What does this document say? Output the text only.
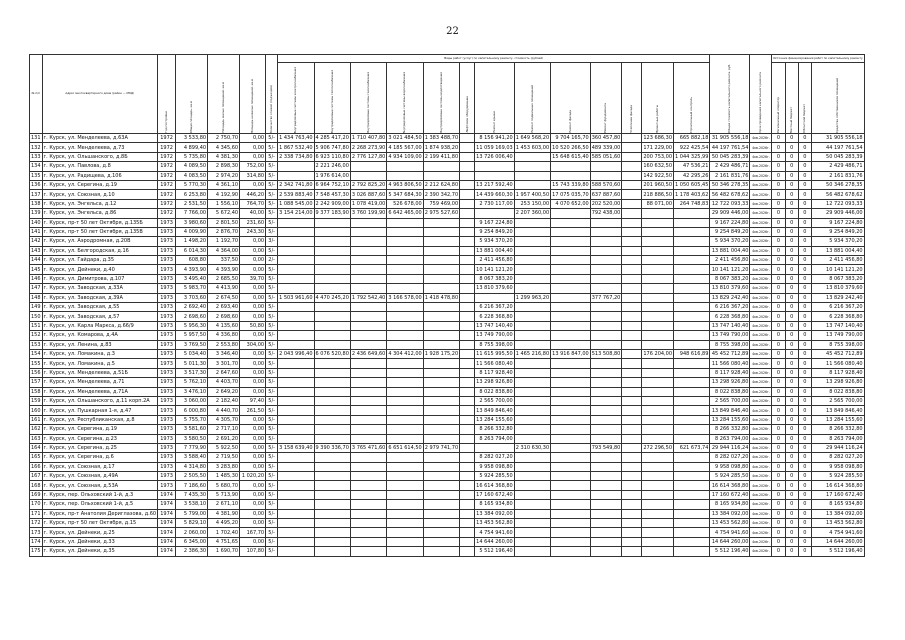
22
№ п/п	Адрес многоквартирного дома (район — МКД)	Год постройки	Общая площадь, кв.м	Площадь жилых помещений, кв.м	Площадь нежилых помещений, кв.м	Количество этажей (подъездов)	Виды работ (услуг) по капитальному ремонту, стоимость (рублей)													Общая стоимость капитального ремонта, руб.	Срок проведения капитального ремонта	Источник финансирования работ по капитальному ремонту			

							Внутридомовые системы электроснабжения	Внутридомовые системы теплоснабжения	Внутридомовые системы газоснабжения	Внутридомовые системы водоснабжения	Внутридомовые системы водоотведения	Лифтовое оборудование	Ремонт крыши	Ремонт подвальных помещений	Ремонт фасада	Ремонт фундамента	Утепление фасада	Проектные работы	Строительный контроль			Региональный оператор	Местный бюджет	Областной бюджет	Средства собственников помещений

131	г. Курск, ул. Менделеева, д.63А	1972	3 533,80	2 750,70	0,00	5/-	1 434 763,40	4 285 417,20	1 710 407,80	3 021 484,50	1 383 488,70		8 156 941,20	1 649 568,20	9 704 165,70	360 457,80		123 686,30	665 882,18	31 905 556,18	4кв.2026г.	0	0	0	31 905 556,18
132	г. Курск, ул. Менделеева, д.73	1972	4 899,40	4 345,60	0,00	5/-	1 867 532,40	5 906 747,80	2 268 273,90	4 185 567,00	1 874 938,20		11 059 169,03	1 453 603,00	10 520 266,50	489 339,00		171 229,00	922 425,54	44 197 761,54	4кв.2026г.	0	0	0	44 197 761,54
133	г. Курск, ул. Ольшанского, д.8Б	1972	5 735,80	4 381,30	0,00	5/-	2 338 734,80	6 923 110,80	2 776 127,80	4 934 109,00	2 199 411,80		13 726 006,40		15 648 615,40	585 051,60		200 753,00	1 044 325,99	50 045 283,39	4кв.2026г.	0	0	0	50 045 283,39
134	г. Курск, ул. Павлова, д.8	1972	4 089,50	2 898,30	752,00	5/-		2 221 246,00										160 632,50	47 536,21	2 429 486,71	4кв.2026г.	0	0	0	2 429 486,71
135	г. Курск, ул. Радищева, д.106	1972	4 083,50	2 974,20	314,80	5/-		1 976 614,00										142 922,50	42 295,26	2 161 831,76	4кв.2026г.	0	0	0	2 161 831,76
136	г. Курск, ул. Серегина, д.19	1972	5 770,30	4 361,10	0,00	5/-	2 342 741,80	6 964 752,10	2 792 825,20	4 963 806,50	2 212 624,80		13 217 592,40		15 743 339,80	588 570,60		201 960,50	1 050 605,45	50 346 278,35	4кв.2026г.	0	0	0	50 346 278,35
137	г. Курск, ул. Союзная, д.10	1972	6 253,80	4 192,90	446,20	5/-	2 539 883,40	7 548 457,30	3 026 887,60	5 347 684,30	2 390 342,70		14 439 660,30	1 957 400,50	17 075 035,70	637 887,60		218 886,50	1 178 403,62	56 482 678,62	4кв.2026г.	0	0	0	56 482 678,62
138	г. Курск, ул. Энгельса, д.12	1972	2 531,50	1 556,10	764,70	5/-	1 088 545,00	2 242 909,00	1 078 419,00	526 678,00	759 469,00		2 730 117,00	253 150,00	4 070 652,00	202 520,00		88 071,00	264 748,83	12 722 093,33	4кв.2026г.	0	0	0	12 722 093,33
139	г. Курск, ул. Энгельса, д.86	1972	7 766,00	5 672,40	40,00	5/-	3 154 214,00	9 377 183,90	3 760 199,90	6 642 465,00	2 975 527,60			2 207 360,00		792 438,00				29 909 446,00	4кв.2026г.	0	0	0	29 909 446,00
140	г. Курск, пр-т 50 лет Октября, д.135Б	1973	3 980,60	2 801,50	231,60	5/-							9 167 224,80							9 167 224,80	4кв.2026г.	0	0	0	9 167 224,80
141	г. Курск, пр-т 50 лет Октября, д.135В	1973	4 009,90	2 876,70	243,30	5/-							9 254 849,20							9 254 849,20	4кв.2026г.	0	0	0	9 254 849,20
142	г. Курск, ул. Аэродромная, д.20В	1973	1 498,20	1 192,70	0,00	3/-							5 934 370,20							5 934 370,20	4кв.2026г.	0	0	0	5 934 370,20
143	г. Курск, ул. Белгородская, д.16	1973	6 014,30	4 364,00	0,00	5/-							13 881 004,40							13 881 004,40	4кв.2026г.	0	0	0	13 881 004,40
144	г. Курск, ул. Гайдара, д.35	1973	608,80	337,50	0,00	2/-							2 411 456,80							2 411 456,80	4кв.2026г.	0	0	0	2 411 456,80
145	г. Курск, ул. Дейнеки, д.40	1973	4 393,90	4 393,90	0,00	5/-							10 141 121,20							10 141 121,20	4кв.2026г.	0	0	0	10 141 121,20
146	г. Курск, ул. Димитрова, д.107	1973	3 495,40	2 685,50	39,70	5/-							8 067 383,20							8 067 383,20	4кв.2026г.	0	0	0	8 067 383,20
147	г. Курск, ул. Заводская, д.33А	1973	5 983,70	4 413,90	0,00	5/-							13 810 379,60							13 810 379,60	4кв.2026г.	0	0	0	13 810 379,60
148	г. Курск, ул. Заводская, д.39А	1973	3 703,60	2 674,50	0,00	5/-	1 503 961,60	4 470 245,20	1 792 542,40	3 166 578,00	1 418 478,80			1 299 963,20		377 767,20				13 829 242,40	4кв.2026г.	0	0	0	13 829 242,40
149	г. Курск, ул. Заводская, д.55	1973	2 692,40	2 693,40	0,00	5/-							6 216 367,20							6 216 367,20	4кв.2026г.	0	0	0	6 216 367,20
150	г. Курск, ул. Заводская, д.57	1973	2 698,60	2 698,60	0,00	5/-							6 228 368,80							6 228 368,80	4кв.2026г.	0	0	0	6 228 368,80
151	г. Курск, ул. Карла Маркса, д.66/9	1973	5 956,30	4 135,60	50,80	5/-							13 747 140,40							13 747 140,40	4кв.2026г.	0	0	0	13 747 140,40
152	г. Курск, ул. Комарова, д.4А	1973	5 957,50	4 336,80	0,00	5/-							13 749 790,00							13 749 790,00	4кв.2026г.	0	0	0	13 749 790,00
153	г. Курск, ул. Ленина, д.83	1973	3 769,50	2 553,80	304,00	5/-							8 755 398,00							8 755 398,00	4кв.2026г.	0	0	0	8 755 398,00
154	г. Курск, ул. Ломакина, д.3	1973	5 034,40	3 346,40	0,00	5/-	2 043 996,40	6 076 520,80	2 436 649,60	4 304 412,00	1 928 175,20		11 615 995,50	1 465 216,80	13 916 847,00	513 508,80		176 204,00	948 616,89	45 452 712,89	4кв.2026г.	0	0	0	45 452 712,89
155	г. Курск, ул. Ломакина, д.5	1973	5 011,30	3 301,70	0,00	5/-							11 566 080,40							11 566 080,40	4кв.2026г.	0	0	0	11 566 080,40
156	г. Курск, ул. Менделеева, д.51Б	1973	3 517,30	2 647,60	0,00	5/-							8 117 928,40							8 117 928,40	4кв.2026г.	0	0	0	8 117 928,40
157	г. Курск, ул. Менделеева, д.71	1973	5 762,10	4 403,70	0,00	5/-							13 298 926,80							13 298 926,80	4кв.2026г.	0	0	0	13 298 926,80
158	г. Курск, ул. Менделеева, д.71А	1973	3 476,10	2 649,20	0,00	5/-							8 022 838,80							8 022 838,80	4кв.2026г.	0	0	0	8 022 838,80
159	г. Курск, ул. Ольшанского, д.11 корп.2А	1973	3 060,00	2 182,40	97,40	5/-							2 565 700,00							2 565 700,00	4кв.2026г.	0	0	0	2 565 700,00
160	г. Курск, ул. Пушкарная 1-я, д.47	1973	6 000,80	4 440,70	261,50	5/-							13 849 846,40							13 849 846,40	4кв.2026г.	0	0	0	13 849 846,40
161	г. Курск, ул. Республиканская, д.8	1973	5 755,70	4 305,70	0,00	5/-							13 284 155,60							13 284 155,60	4кв.2026г.	0	0	0	13 284 155,60
162	г. Курск, ул. Серегина, д.19	1973	3 581,60	2 717,10	0,00	5/-							8 266 332,80							8 266 332,80	4кв.2026г.	0	0	0	8 266 332,80
163	г. Курск, ул. Серегина, д.23	1973	3 580,50	2 691,20	0,00	5/-							8 263 794,00							8 263 794,00	4кв.2026г.	0	0	0	8 263 794,00
164	г. Курск, ул. Серегина, д.25	1973	7 779,90	5 922,50	0,00	5/-	3 158 639,40	9 390 336,70	3 765 471,60	6 651 614,50	2 979 741,70			2 310 630,30		793 549,80		272 296,50	621 673,74	29 944 116,24	4кв.2026г.	0	0	0	29 944 116,24
165	г. Курск, ул. Серегина, д.6	1973	3 588,40	2 719,50	0,00	5/-							8 282 027,20							8 282 027,20	4кв.2026г.	0	0	0	8 282 027,20
166	г. Курск, ул. Союзная, д.17	1973	4 314,80	3 283,80	0,00	5/-							9 958 098,80							9 958 098,80	4кв.2026г.	0	0	0	9 958 098,80
167	г. Курск, ул. Союзная, д.49А	1973	2 505,50	1 485,30	1 020,20	5/-							5 924 285,50							5 924 285,50	4кв.2026г.	0	0	0	5 924 285,50
168	г. Курск, ул. Союзная, д.53А	1973	7 186,60	5 680,70	0,00	5/-							16 614 368,80							16 614 368,80	4кв.2026г.	0	0	0	16 614 368,80
169	г. Курск, пер. Ольховский 1-й, д.3	1974	7 435,30	5 713,90	0,00	5/-							17 160 672,40							17 160 672,40	4кв.2026г.	0	0	0	17 160 672,40
170	г. Курск, пер. Ольховский 1-й, д.5	1974	3 538,10	2 671,10	0,00	5/-							8 165 934,80							8 165 934,80	4кв.2026г.	0	0	0	8 165 934,80
171	г. Курск, пр-т Анатолия Дериглазова, д.60	1974	5 799,00	4 381,90	0,00	5/-							13 384 092,00							13 384 092,00	4кв.2026г.	0	0	0	13 384 092,00
172	г. Курск, пр-т 50 лет Октября, д.15	1974	5 829,10	4 495,20	0,00	5/-							13 453 562,80							13 453 562,80	4кв.2026г.	0	0	0	13 453 562,80
173	г. Курск, ул. Дейнеки, д.25	1974	2 060,00	1 702,40	167,70	5/-							4 754 941,60							4 754 941,60	4кв.2026г.	0	0	0	4 754 941,60
174	г. Курск, ул. Дейнеки, д.33	1974	6 345,00	4 751,65	0,00	5/-							14 644 260,00							14 644 260,00	4кв.2026г.	0	0	0	14 644 260,00
175	г. Курск, ул. Дейнеки, д.35	1974	2 386,30	1 690,70	107,80	5/-							5 512 196,40							5 512 196,40	4кв.2026г.	0	0	0	5 512 196,40
